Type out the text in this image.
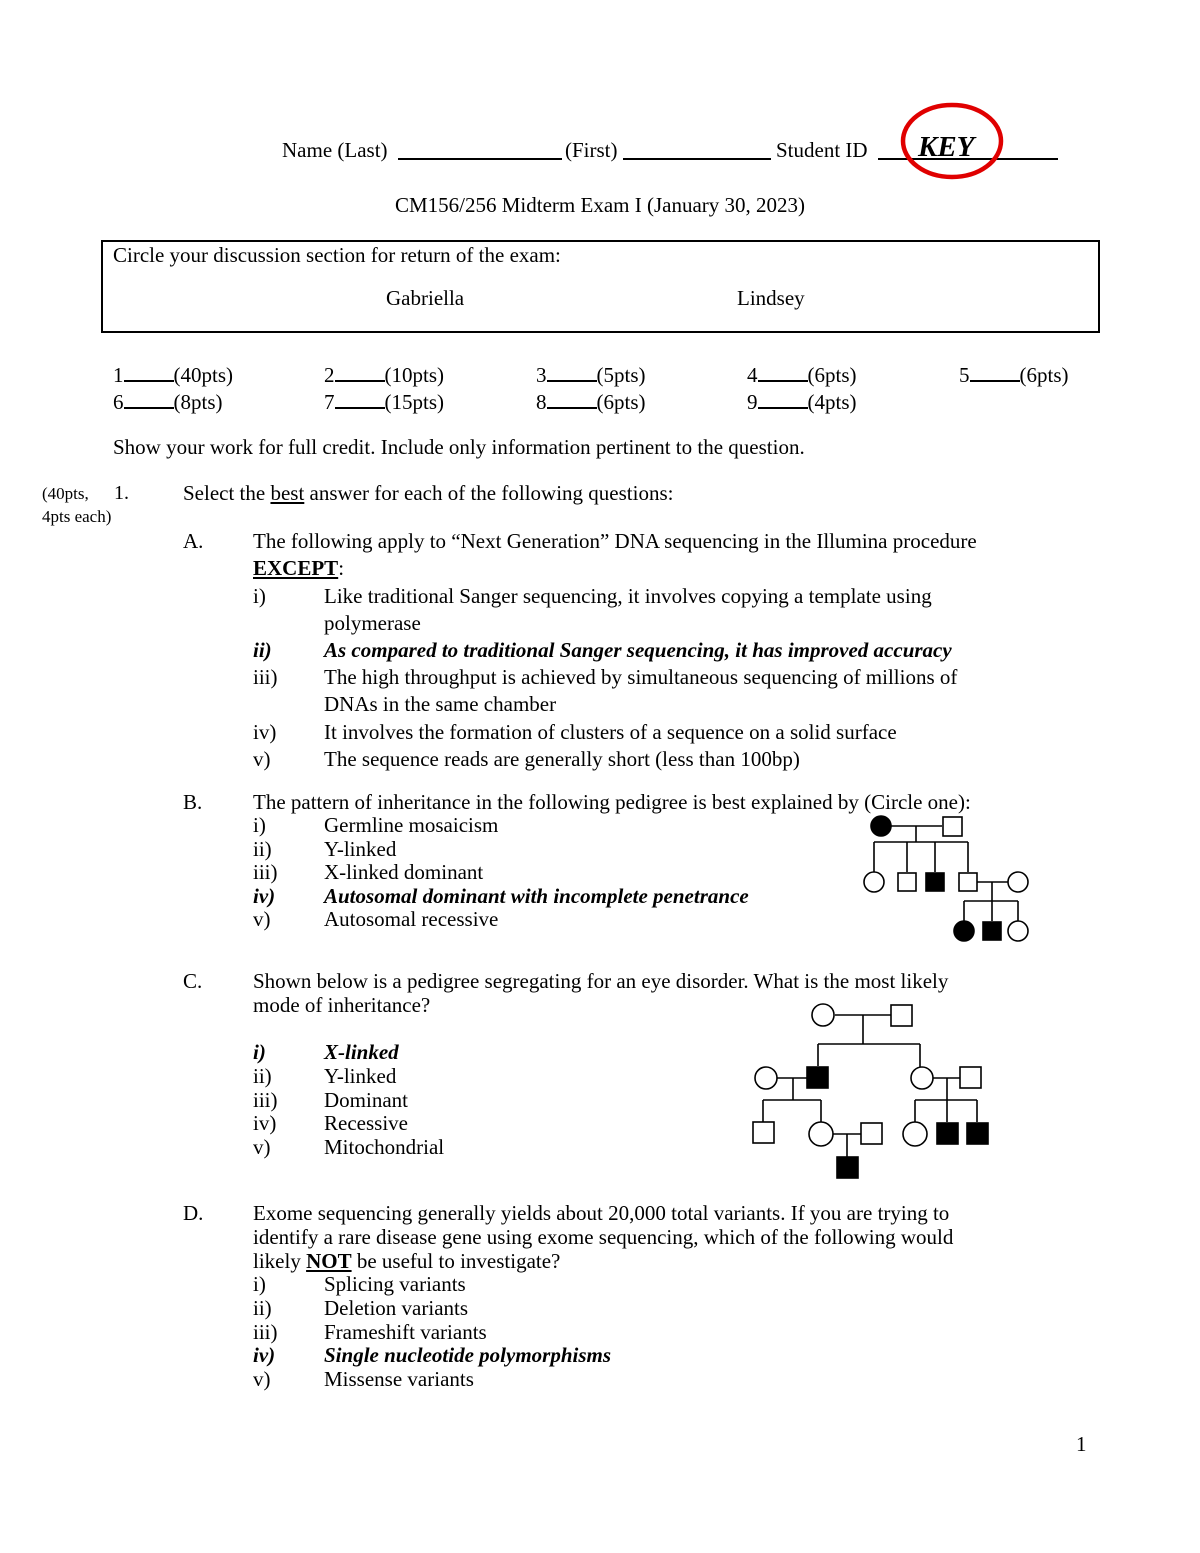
Name (Last)	(First)	Student ID KEY
CM156/256 Midterm Exam I (January 30, 2023)
Circle your discussion section for return of the exam:
Gabriella	Lindsey
1 (40pts)	2 (10pts)	3 (5pts)	4 (6pts)	5 (6pts)
6 (8pts)	7 (15pts)	8 (6pts)	9 (4pts)
Show your work for full credit. Include only information pertinent to the question.
(40pts,
4pts each)
1.	Select the best answer for each of the following questions:
A. The following apply to “Next Generation” DNA sequencing in the Illumina procedure
EXCEPT:
i)	Like traditional Sanger sequencing, it involves copying a template using
polymerase
ii) As compared to traditional Sanger sequencing, it has improved accuracy
iii) The high throughput is achieved by simultaneous sequencing of millions of
DNAs in the same chamber
iv) It involves the formation of clusters of a sequence on a solid surface
v)	The sequence reads are generally short (less than 100bp)
B. The pattern of inheritance in the following pedigree is best explained by (Circle one):
i)	Germline mosaicism
ii) Y-linked
iii) X-linked dominant
iv) Autosomal dominant with incomplete penetrance
v)	Autosomal recessive
C. Shown below is a pedigree segregating for an eye disorder. What is the most likely
mode of inheritance?
i)	X-linked
ii) Y-linked
iii) Dominant
iv) Recessive
v)	Mitochondrial
D. Exome sequencing generally yields about 20,000 total variants. If you are trying to
identify a rare disease gene using exome sequencing, which of the following would
likely NOT be useful to investigate?
i)	Splicing variants
ii) Deletion variants
iii) Frameshift variants
iv) Single nucleotide polymorphisms
v)	Missense variants
1
